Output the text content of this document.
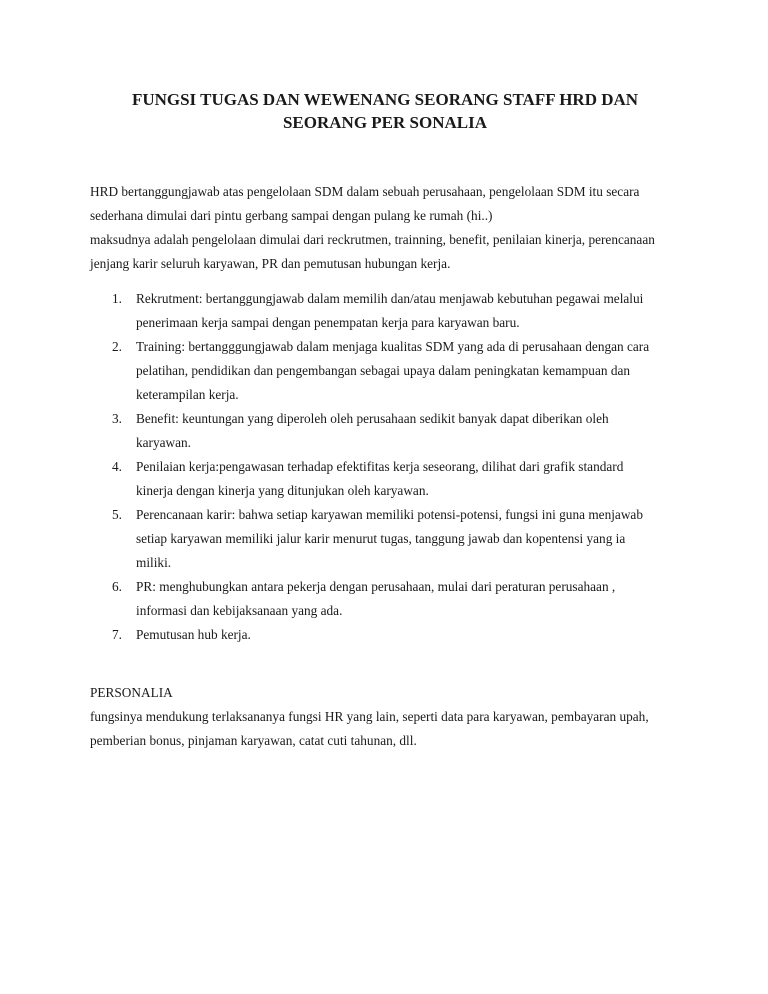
FUNGSI TUGAS DAN WEWENANG SEORANG STAFF HRD DAN
SEORANG PER SONALIA

HRD bertanggungjawab atas pengelolaan SDM dalam sebuah perusahaan, pengelolaan SDM itu secara

sederhana dimulai dari pintu gerbang sampai dengan pulang ke rumah (hi..)

maksudnya adalah pengelolaan dimulai dari reckrutmen, trainning, benefit, penilaian kinerja, perencanaan

jenjang karir seluruh karyawan, PR dan pemutusan hubungan kerja.

1. Rekrutment: bertanggungjawab dalam memilih dan/atau menjawab kebutuhan pegawai melalui
penerimaan kerja sampai dengan penempatan kerja para karyawan baru.
2. Training: bertangggungjawab dalam menjaga kualitas SDM yang ada di perusahaan dengan cara
pelatihan, pendidikan dan pengembangan sebagai upaya dalam peningkatan kemampuan dan
keterampilan kerja.
3. Benefit: keuntungan yang diperoleh oleh perusahaan sedikit banyak dapat diberikan oleh
karyawan.
4. Penilaian kerja:pengawasan terhadap efektifitas kerja seseorang, dilihat dari grafik standard
kinerja dengan kinerja yang ditunjukan oleh karyawan.
5. Perencanaan karir: bahwa setiap karyawan memiliki potensi-potensi, fungsi ini guna menjawab
setiap karyawan memiliki jalur karir menurut tugas, tanggung jawab dan kopentensi yang ia
miliki.
6. PR: menghubungkan antara pekerja dengan perusahaan, mulai dari peraturan perusahaan ,
informasi dan kebijaksanaan yang ada.
7. Pemutusan hub kerja.

PERSONALIA

fungsinya mendukung terlaksananya fungsi HR yang lain, seperti data para karyawan, pembayaran upah,

pemberian bonus, pinjaman karyawan, catat cuti tahunan, dll.
